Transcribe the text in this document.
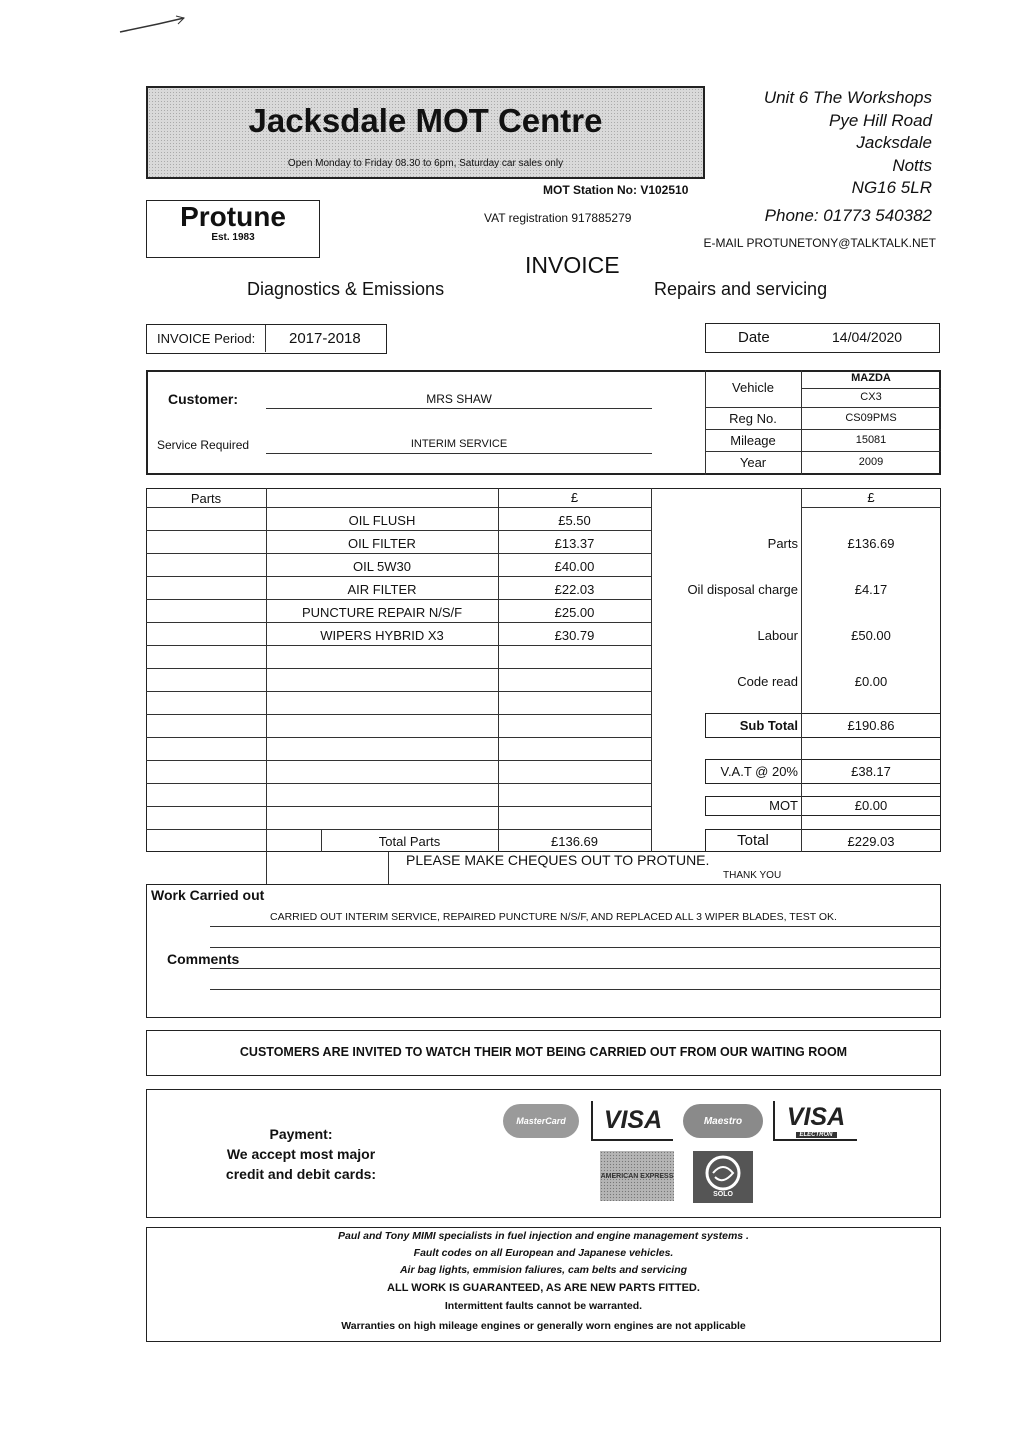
Jacksdale MOT Centre
Open Monday to Friday 08.30 to 6pm, Saturday car sales only
MOT Station No: V102510
VAT registration 917885279
Unit 6 The Workshops
Pye Hill Road
Jacksdale
Notts
NG16 5LR
Phone: 01773 540382
E-MAIL PROTUNETONY@TALKTALK.NET
Protune
Est. 1983
INVOICE
Diagnostics & Emissions	Repairs and servicing
INVOICE Period: 2017-2018	Date	14/04/2020
Customer:	MRS SHAW
Service Required	INTERIM SERVICE
Vehicle
MAZDA
CX3
Reg No.	CS09PMS
Mileage	15081
Year	2009
Parts	£	£
OIL FLUSH	£5.50
OIL FILTER	£13.37
OIL 5W30	£40.00
AIR FILTER	£22.03
PUNCTURE REPAIR N/S/F	£25.00
WIPERS HYBRID X3	£30.79
Total Parts	£136.69
Parts	£136.69
Oil disposal charge	£4.17
Labour	£50.00
Code read	£0.00
Sub Total	£190.86
V.A.T @ 20%	£38.17
MOT	£0.00
Total	£229.03
PLEASE MAKE CHEQUES OUT TO PROTUNE.
THANK YOU
Work Carried out
CARRIED OUT INTERIM SERVICE, REPAIRED PUNCTURE N/S/F, AND REPLACED ALL 3 WIPER BLADES, TEST OK.
Comments
CUSTOMERS ARE INVITED TO WATCH THEIR MOT BEING CARRIED OUT FROM OUR WAITING ROOM
Payment:
We accept most major
credit and debit cards:
MasterCard VISA	Maestro VISA
ELECTRON
AMERICAN EXPRESS
SOLO
Paul and Tony MIMI specialists in fuel injection and engine management systems .
Fault codes on all European and Japanese vehicles.
Air bag lights, emmision faliures, cam belts and servicing
ALL WORK IS GUARANTEED, AS ARE NEW PARTS FITTED.
Intermittent faults cannot be warranted.
Warranties on high mileage engines or generally worn engines are not applicable
